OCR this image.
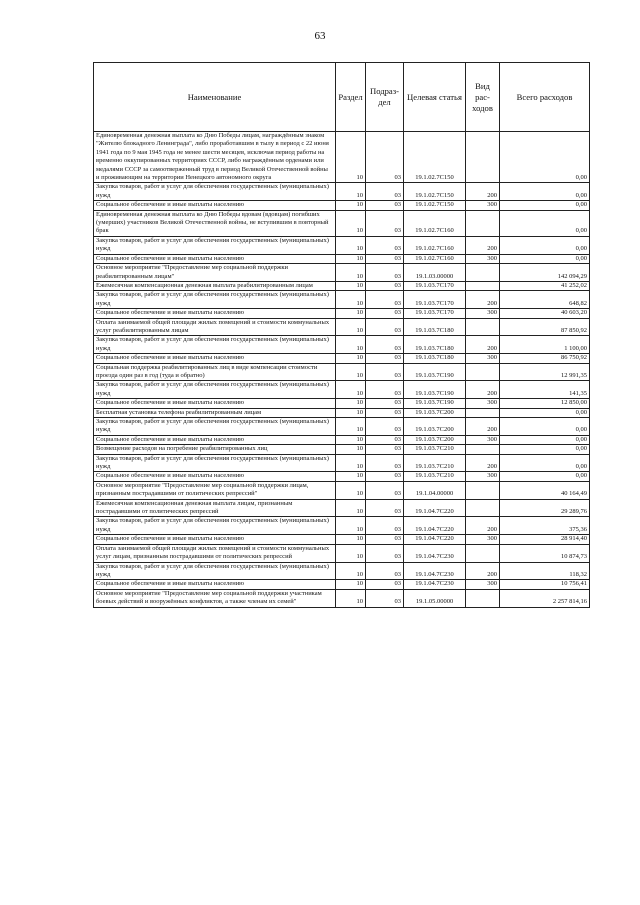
63
Наименование	Раздел	Подраз-дел	Целевая статья	Вид рас-ходов	Всего расходов
Единовременная денежная выплата ко Дню Победы лицам, награждённым знаком "Жителю блокадного Ленинграда", либо проработавшим в тылу в период с 22 июня 1941 года по 9 мая 1945 года не менее шести месяцев, исключая период работы на временно оккупированных территориях СССР, либо награждённым орденами или медалями СССР за самоотверженный труд в период Великой Отечественной войны и проживающим на территории Ненецкого автономного округа	10	03	19.1.02.7С150		0,00
Закупка товаров, работ и услуг для обеспечения государственных (муниципальных) нужд	10	03	19.1.02.7С150	200	0,00
Социальное обеспечение и иные выплаты населению	10	03	19.1.02.7С150	300	0,00
Единовременная денежная выплата ко Дню Победы вдовам (вдовцам) погибших (умерших) участников Великой Отечественной войны, не вступившим в повторный брак	10	03	19.1.02.7С160		0,00
Закупка товаров, работ и услуг для обеспечения государственных (муниципальных) нужд	10	03	19.1.02.7С160	200	0,00
Социальное обеспечение и иные выплаты населению	10	03	19.1.02.7С160	300	0,00
Основное мероприятие "Предоставление мер социальной поддержки реабилитированным лицам"	10	03	19.1.03.00000		142 094,29
Ежемесячная компенсационная денежная выплата реабилитированным лицам	10	03	19.1.03.7С170		41 252,02
Закупка товаров, работ и услуг для обеспечения государственных (муниципальных) нужд	10	03	19.1.03.7С170	200	648,82
Социальное обеспечение и иные выплаты населению	10	03	19.1.03.7С170	300	40 603,20
Оплата занимаемой общей площади жилых помещений и стоимости коммунальных услуг реабилитированным лицам	10	03	19.1.03.7С180		87 850,92
Закупка товаров, работ и услуг для обеспечения государственных (муниципальных) нужд	10	03	19.1.03.7С180	200	1 100,00
Социальное обеспечение и иные выплаты населению	10	03	19.1.03.7С180	300	86 750,92
Социальная поддержка реабилитированных лиц в виде компенсации стоимости проезда один раз в год (туда и обратно)	10	03	19.1.03.7С190		12 991,35
Закупка товаров, работ и услуг для обеспечения государственных (муниципальных) нужд	10	03	19.1.03.7С190	200	141,35
Социальное обеспечение и иные выплаты населению	10	03	19.1.03.7С190	300	12 850,00
Бесплатная установка телефона реабилитированным лицам	10	03	19.1.03.7С200		0,00
Закупка товаров, работ и услуг для обеспечения государственных (муниципальных) нужд	10	03	19.1.03.7С200	200	0,00
Социальное обеспечение и иные выплаты населению	10	03	19.1.03.7С200	300	0,00
Возмещение расходов на погребение реабилитированных лиц	10	03	19.1.03.7С210		0,00
Закупка товаров, работ и услуг для обеспечения государственных (муниципальных) нужд	10	03	19.1.03.7С210	200	0,00
Социальное обеспечение и иные выплаты населению	10	03	19.1.03.7С210	300	0,00
Основное мероприятие "Предоставление мер социальной поддержки лицам, признанным пострадавшими от политических репрессий"	10	03	19.1.04.00000		40 164,49
Ежемесячная компенсационная денежная выплата лицам, признанным пострадавшими от политических репрессий	10	03	19.1.04.7С220		29 289,76
Закупка товаров, работ и услуг для обеспечения государственных (муниципальных) нужд	10	03	19.1.04.7С220	200	375,36
Социальное обеспечение и иные выплаты населению	10	03	19.1.04.7С220	300	28 914,40
Оплата занимаемой общей площади жилых помещений и стоимости коммунальных услуг лицам, признанным пострадавшими от политических репрессий	10	03	19.1.04.7С230		10 874,73
Закупка товаров, работ и услуг для обеспечения государственных (муниципальных) нужд	10	03	19.1.04.7С230	200	118,32
Социальное обеспечение и иные выплаты населению	10	03	19.1.04.7С230	300	10 756,41
Основное мероприятие "Предоставление мер социальной поддержки участникам боевых действий и вооружённых конфликтов, а также членам их семей"	10	03	19.1.05.00000		2 257 814,16
